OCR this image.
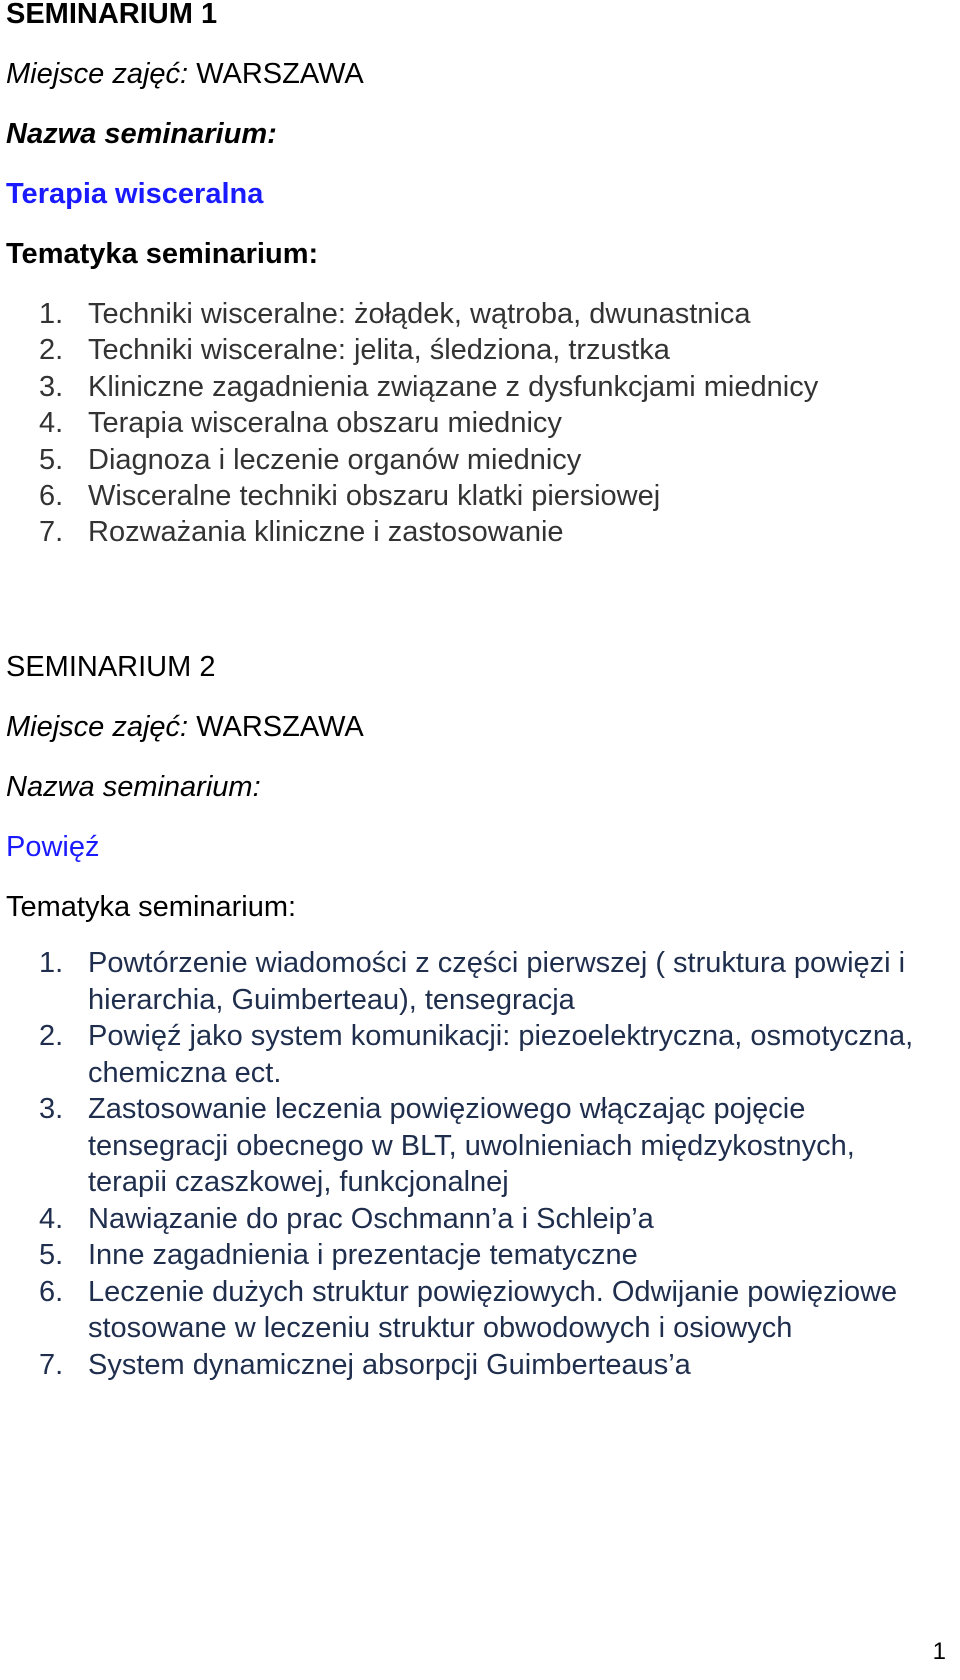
SEMINARIUM 1
Miejsce zajęć: WARSZAWA
Nazwa seminarium:
Terapia wisceralna
Tematyka seminarium:
1. Techniki wisceralne: żołądek, wątroba, dwunastnica
2. Techniki wisceralne: jelita, śledziona, trzustka
3. Kliniczne zagadnienia związane z dysfunkcjami miednicy
4. Terapia wisceralna obszaru miednicy
5. Diagnoza i leczenie organów miednicy
6. Wisceralne techniki obszaru klatki piersiowej
7. Rozważania kliniczne i zastosowanie
SEMINARIUM 2
Miejsce zajęć: WARSZAWA
Nazwa seminarium:
Powięź
Tematyka seminarium:
1. Powtórzenie wiadomości z części pierwszej ( struktura powięzi i hierarchia, Guimberteau), tensegracja
2. Powięź jako system komunikacji: piezoelektryczna, osmotyczna, chemiczna ect.
3. Zastosowanie leczenia powięziowego włączając pojęcie tensegracji obecnego w BLT, uwolnieniach międzykostnych, terapii czaszkowej, funkcjonalnej
4. Nawiązanie do prac Oschmann’a i Schleip’a
5. Inne zagadnienia i prezentacje tematyczne
6. Leczenie dużych struktur powięziowych. Odwijanie powięziowe stosowane w leczeniu struktur obwodowych i osiowych
7. System dynamicznej absorpcji Guimberteaus’a
1
